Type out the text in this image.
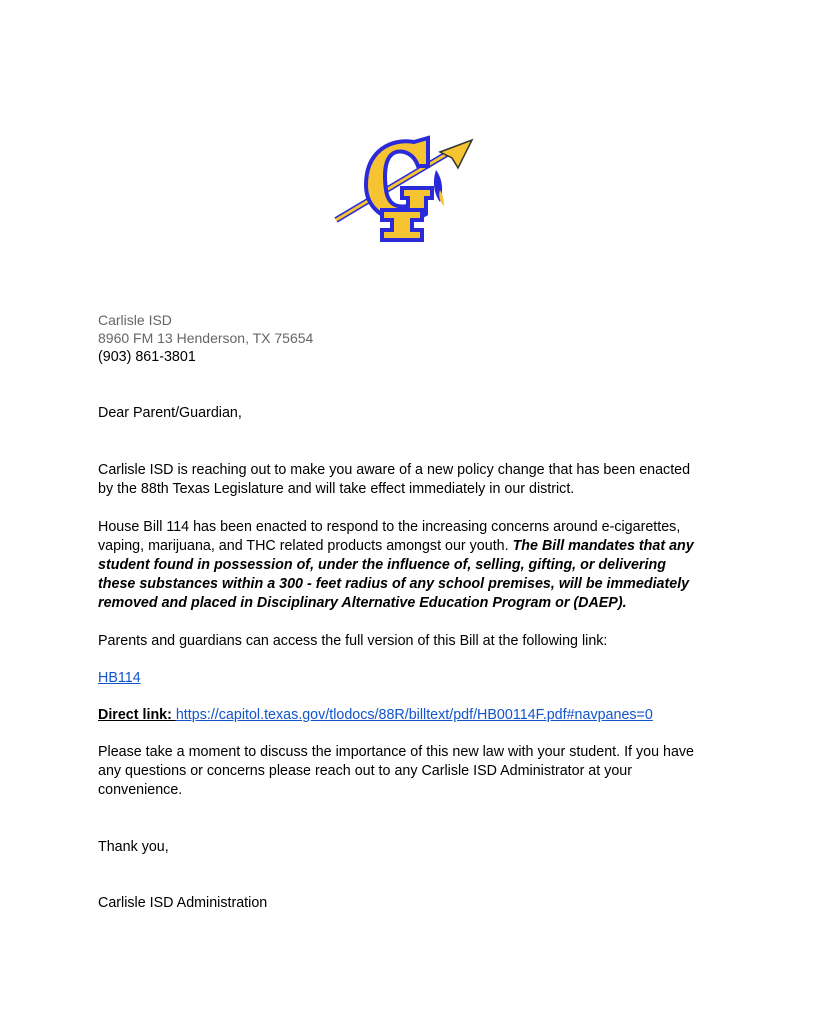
Carlisle ISD
8960 FM 13 Henderson, TX 75654
(903) 861-3801
Dear Parent/Guardian,
Carlisle ISD is reaching out to make you aware of a new policy change that has been enacted
by the 88th Texas Legislature and will take effect immediately in our district.
House Bill 114 has been enacted to respond to the increasing concerns around e-cigarettes,
vaping, marijuana, and THC related products amongst our youth. The Bill mandates that any
student found in possession of, under the influence of, selling, gifting, or delivering
these substances within a 300 - feet radius of any school premises, will be immediately
removed and placed in Disciplinary Alternative Education Program or (DAEP).
Parents and guardians can access the full version of this Bill at the following link:
HB114
Direct link: https://capitol.texas.gov/tlodocs/88R/billtext/pdf/HB00114F.pdf#navpanes=0
Please take a moment to discuss the importance of this new law with your student. If you have
any questions or concerns please reach out to any Carlisle ISD Administrator at your
convenience.
Thank you,
Carlisle ISD Administration
